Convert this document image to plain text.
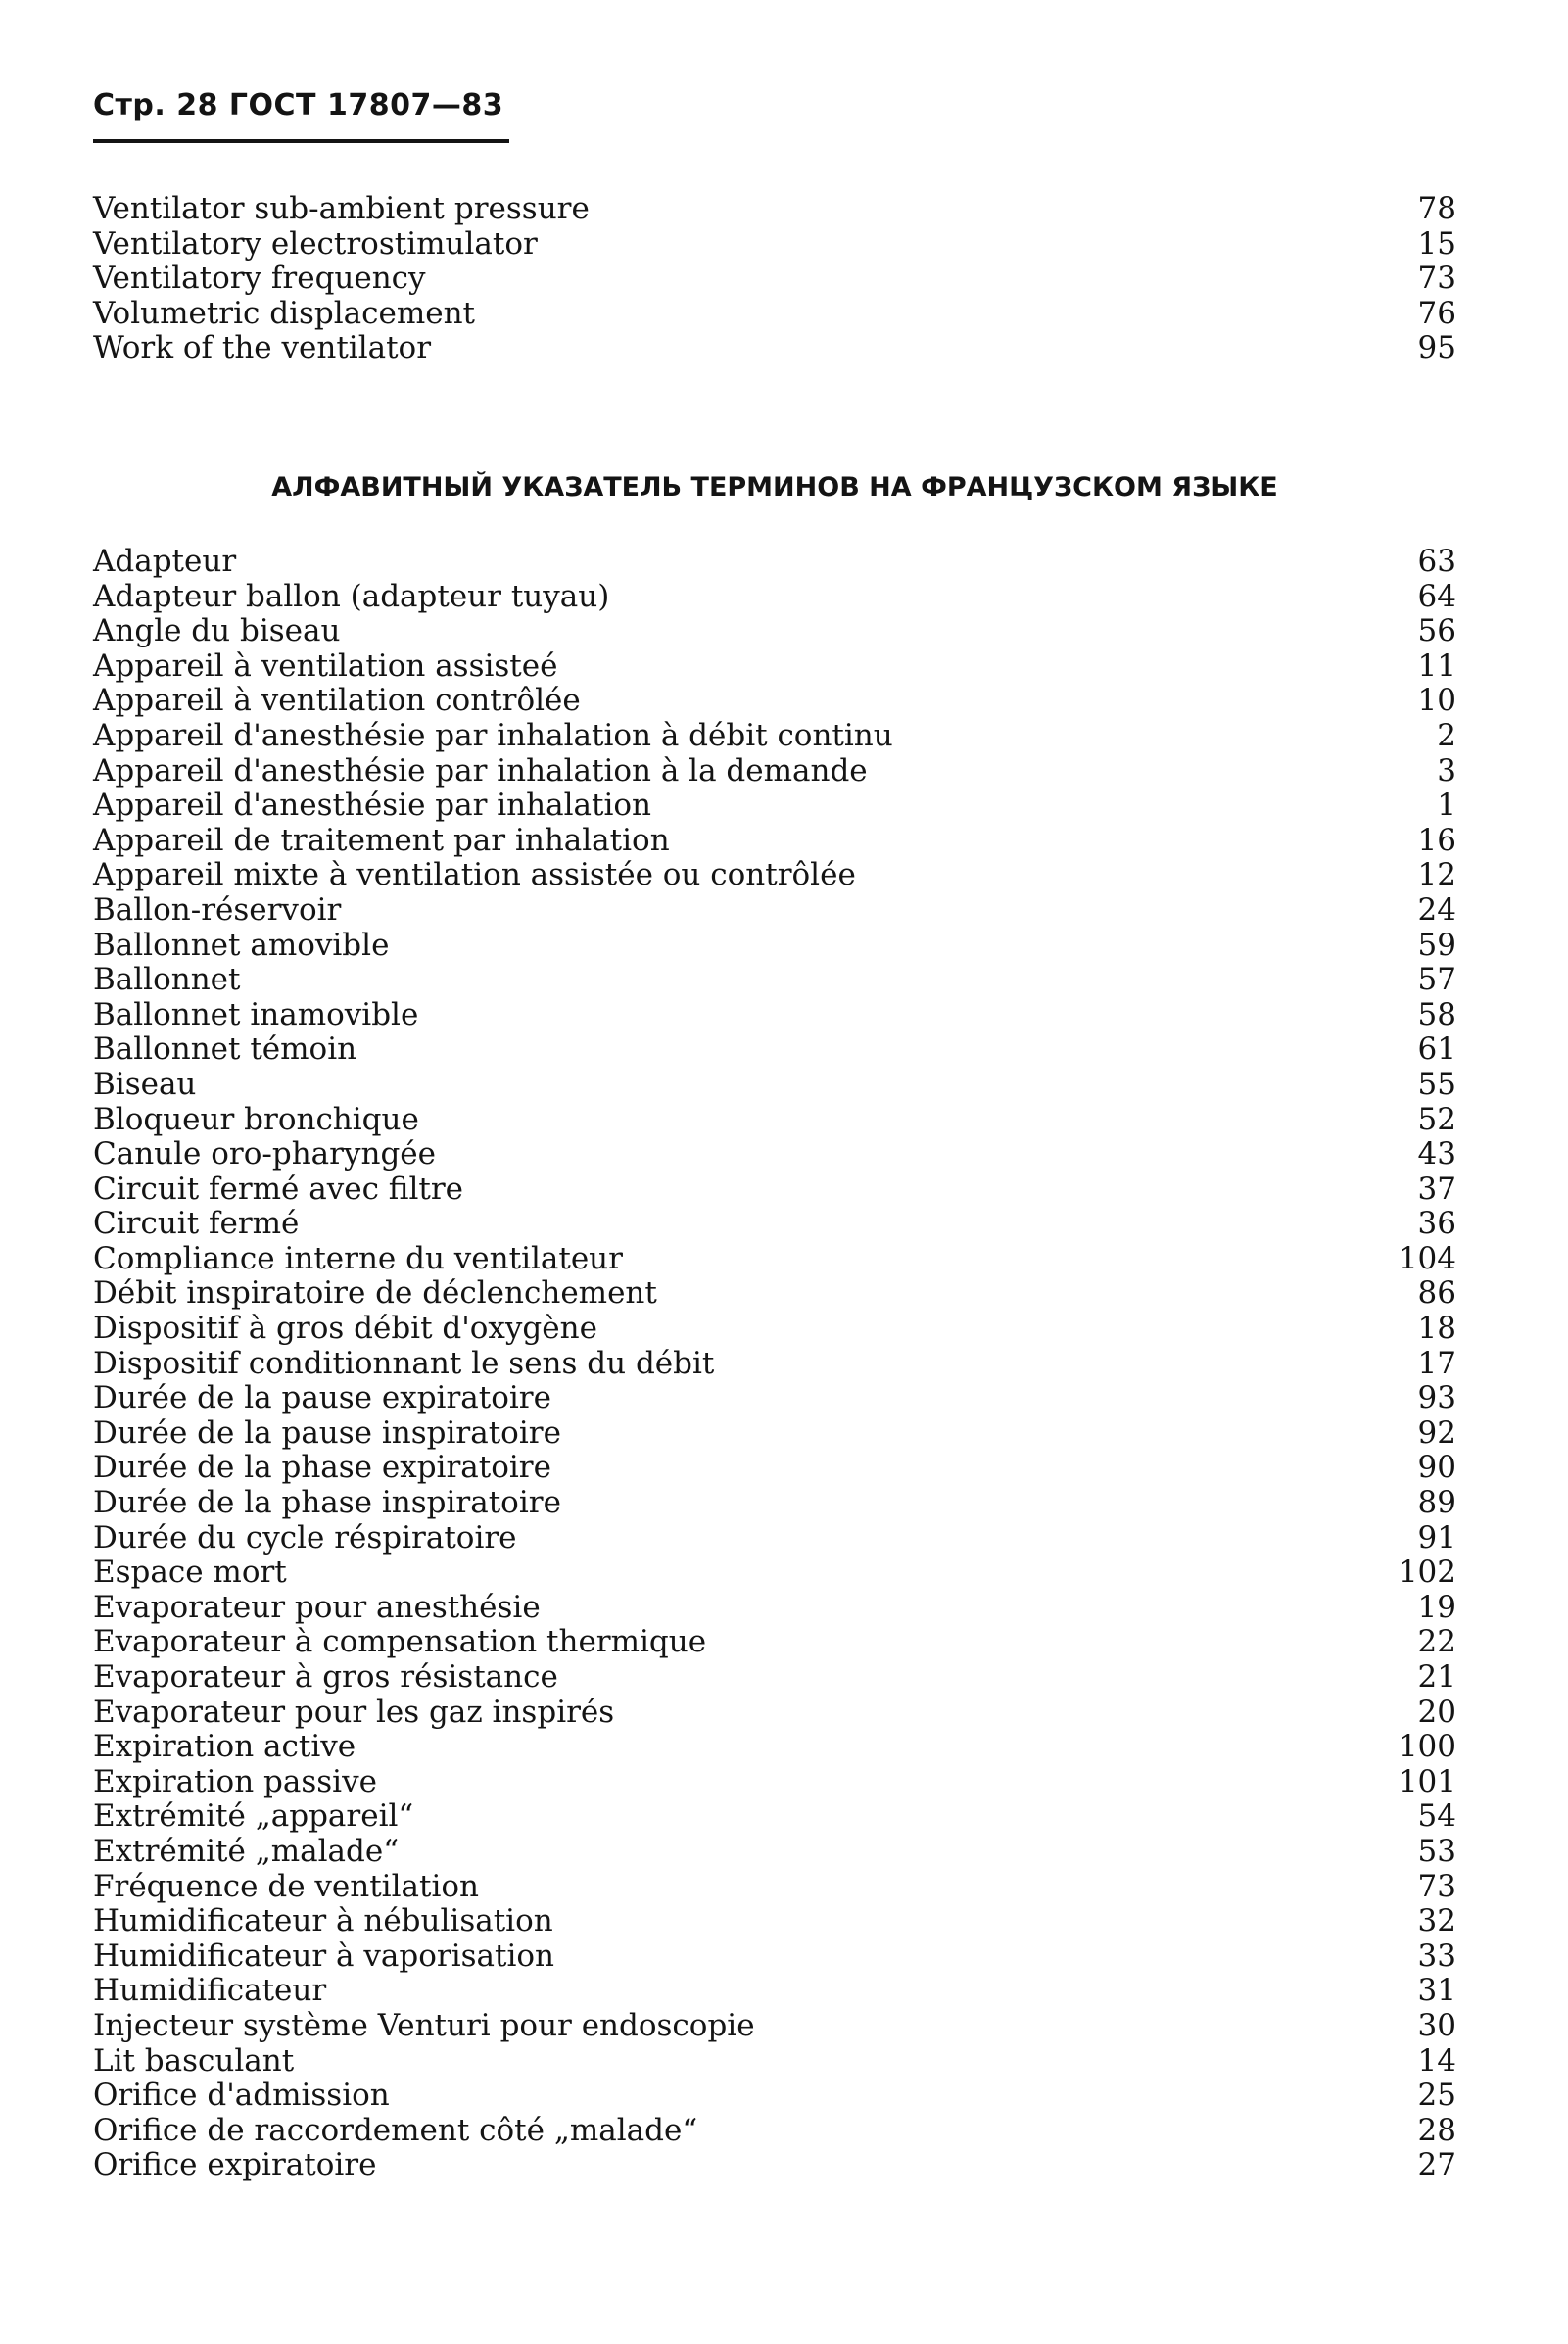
Стр. 28 ГОСТ 17807—83
Ventilator sub-ambient pressure	78
Ventilatory electrostimulator	15
Ventilatory frequency	73
Volumetric displacement	76
Work of the ventilator	95
АЛФАВИТНЫЙ УКАЗАТЕЛЬ ТЕРМИНОВ НА ФРАНЦУЗСКОМ ЯЗЫКЕ
Adapteur	63
Adapteur ballon (adapteur tuyau)	64
Angle du biseau	56
Appareil à ventilation assisteé	11
Appareil à ventilation contrôlée	10
Appareil d'anesthésie par inhalation à débit continu	2
Appareil d'anesthésie par inhalation à la demande	3
Appareil d'anesthésie par inhalation	1
Appareil de traitement par inhalation	16
Appareil mixte à ventilation assistée ou contrôlée	12
Ballon-réservoir	24
Ballonnet amovible	59
Ballonnet	57
Ballonnet inamovible	58
Ballonnet témoin	61
Biseau	55
Bloqueur bronchique	52
Canule oro-pharyngée	43
Circuit fermé avec filtre	37
Circuit fermé	36
Compliance interne du ventilateur	104
Débit inspiratoire de déclenchement	86
Dispositif à gros débit d'oxygène	18
Dispositif conditionnant le sens du débit	17
Durée de la pause expiratoire	93
Durée de la pause inspiratoire	92
Durée de la phase expiratoire	90
Durée de la phase inspiratoire	89
Durée du cycle réspiratoire	91
Espace mort	102
Evaporateur pour anesthésie	19
Evaporateur à compensation thermique	22
Evaporateur à gros résistance	21
Evaporateur pour les gaz inspirés	20
Expiration active	100
Expiration passive	101
Extrémité „appareil“	54
Extrémité „malade“	53
Fréquence de ventilation	73
Humidificateur à nébulisation	32
Humidificateur à vaporisation	33
Humidificateur	31
Injecteur système Venturi pour endoscopie	30
Lit basculant	14
Orifice d'admission	25
Orifice de raccordement côté „malade“	28
Orifice expiratoire	27
